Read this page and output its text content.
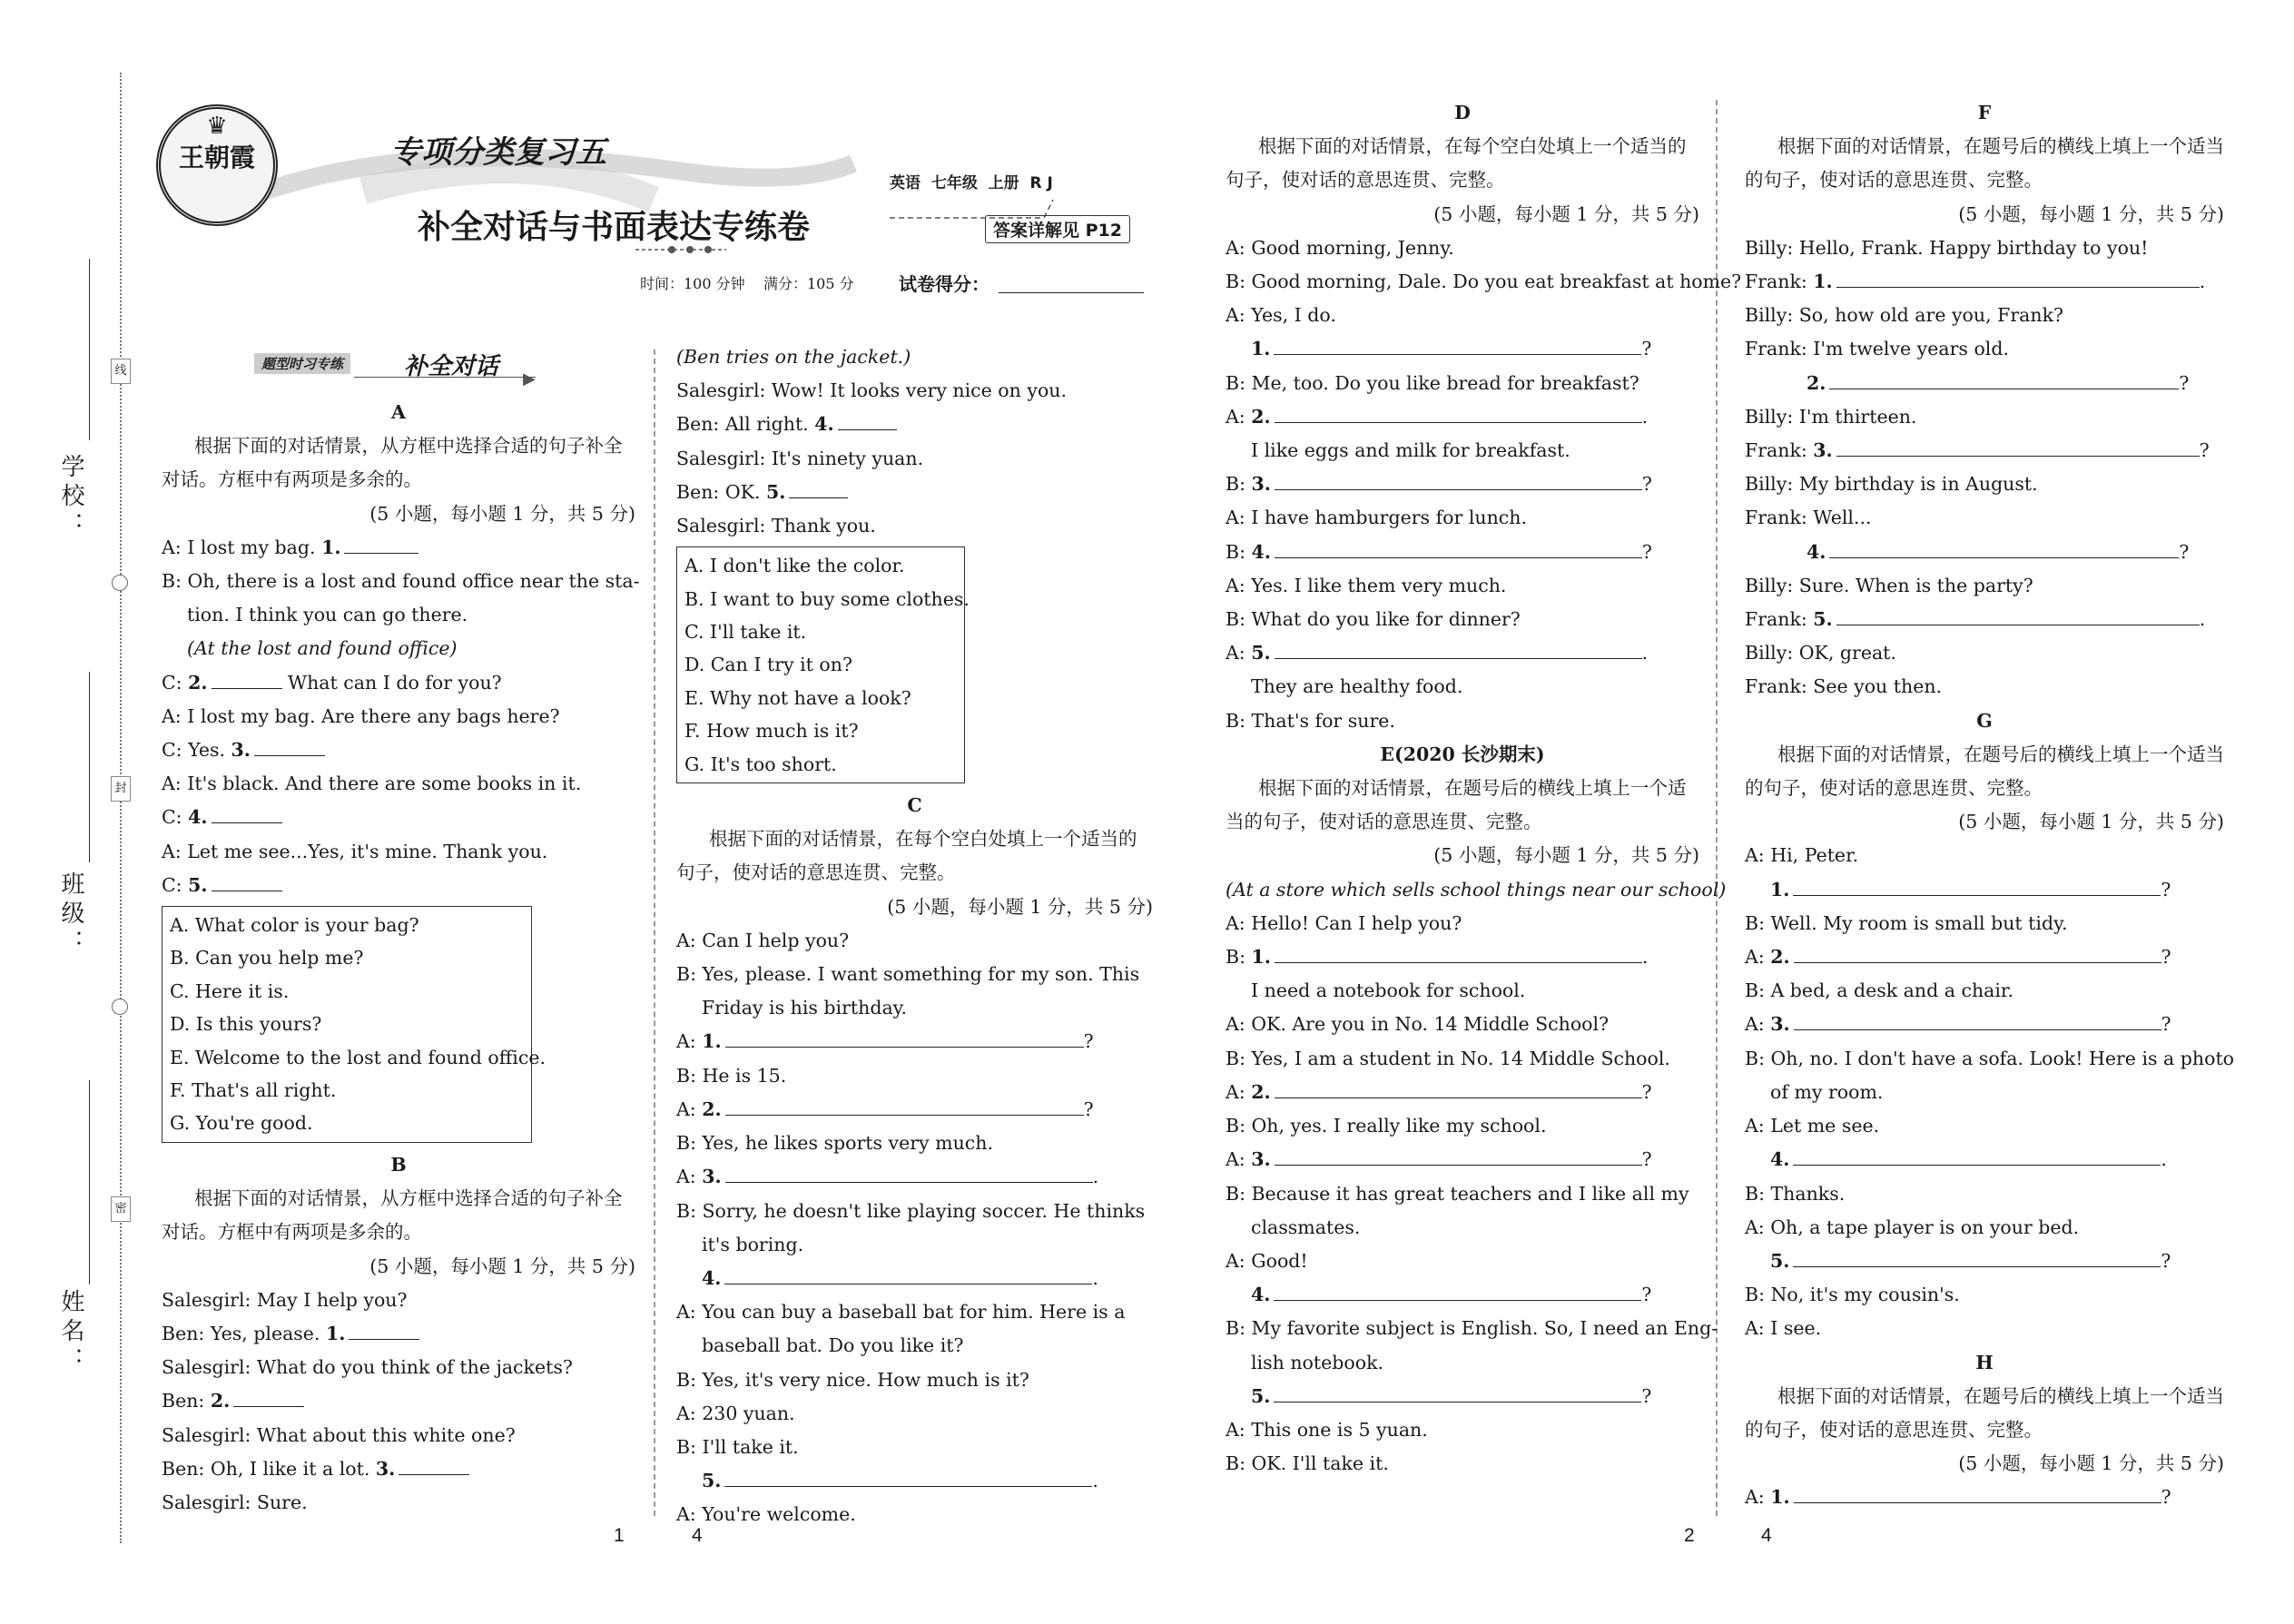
学校：
班级：
姓名：
线
封
密
♛
王朝霞	专项分类复习五
补全对话与书面表达专练卷
英语  七年级  上册  R J
答案详解见 P12
时间：100 分钟    满分：105 分 试卷得分：
题型时习专练	补全对话 ▶

A

根据下面的对话情景，从方框中选择合适的句子补全对话。方框中有两项是多余的。

(5 小题，每小题 1 分，共 5 分)

A: I lost my bag. 1.

B: Oh, there is a lost and found office near the sta-

tion. I think you can go there.

(At the lost and found office)

C: 2.	What can I do for you?

A: I lost my bag. Are there any bags here?

C: Yes. 3.

A: It's black. And there are some books in it.

C: 4.

A: Let me see...Yes, it's mine. Thank you.

C: 5.

A. What color is your bag?

B. Can you help me?

C. Here it is.

D. Is this yours?

E. Welcome to the lost and found office.

F. That's all right.

G. You're good.

B

根据下面的对话情景，从方框中选择合适的句子补全对话。方框中有两项是多余的。

(5 小题，每小题 1 分，共 5 分)

Salesgirl: May I help you?

Ben: Yes, please. 1.

Salesgirl: What do you think of the jackets?

Ben: 2.

Salesgirl: What about this white one?

Ben: Oh, I like it a lot. 3.

Salesgirl: Sure.

(Ben tries on the jacket.)

Salesgirl: Wow! It looks very nice on you.

Ben: All right. 4.

Salesgirl: It's ninety yuan.

Ben: OK. 5.

Salesgirl: Thank you.

A. I don't like the color.

B. I want to buy some clothes.

C. I'll take it.

D. Can I try it on?

E. Why not have a look?

F. How much is it?

G. It's too short.

C

根据下面的对话情景，在每个空白处填上一个适当的句子，使对话的意思连贯、完整。

(5 小题，每小题 1 分，共 5 分)

A: Can I help you?

B: Yes, please. I want something for my son. This

Friday is his birthday.

A: 1.	?

B: He is 15.

A: 2.	?

B: Yes, he likes sports very much.

A: 3.	.

B: Sorry, he doesn't like playing soccer. He thinks

it's boring.

4.	.

A: You can buy a baseball bat for him. Here is a

baseball bat. Do you like it?

B: Yes, it's very nice. How much is it?

A: 230 yuan.

B: I'll take it.

5.	.

A: You're welcome.

D

根据下面的对话情景，在每个空白处填上一个适当的句子，使对话的意思连贯、完整。

(5 小题，每小题 1 分，共 5 分)

A: Good morning, Jenny.

B: Good morning, Dale. Do you eat breakfast at home?

A: Yes, I do.

1.	?

B: Me, too. Do you like bread for breakfast?

A: 2.	.

I like eggs and milk for breakfast.

B: 3.	?

A: I have hamburgers for lunch.

B: 4.	?

A: Yes. I like them very much.

B: What do you like for dinner?

A: 5.	.

They are healthy food.

B: That's for sure.

E(2020 长沙期末)

根据下面的对话情景，在题号后的横线上填上一个适当的句子，使对话的意思连贯、完整。

(5 小题，每小题 1 分，共 5 分)

(At a store which sells school things near our school)

A: Hello! Can I help you?

B: 1.	.

I need a notebook for school.

A: OK. Are you in No. 14 Middle School?

B: Yes, I am a student in No. 14 Middle School.

A: 2.	?

B: Oh, yes. I really like my school.

A: 3.	?

B: Because it has great teachers and I like all my

classmates.

A: Good!

4.	?

B: My favorite subject is English. So, I need an Eng-

lish notebook.

5.	?

A: This one is 5 yuan.

B: OK. I'll take it.

F

根据下面的对话情景，在题号后的横线上填上一个适当的句子，使对话的意思连贯、完整。

(5 小题，每小题 1 分，共 5 分)

Billy: Hello, Frank. Happy birthday to you!

Frank: 1.	.

Billy: So, how old are you, Frank?

Frank: I'm twelve years old.

2.	?

Billy: I'm thirteen.

Frank: 3.	?

Billy: My birthday is in August.

Frank: Well...

4.	?

Billy: Sure. When is the party?

Frank: 5.	.

Billy: OK, great.

Frank: See you then.

G

根据下面的对话情景，在题号后的横线上填上一个适当的句子，使对话的意思连贯、完整。

(5 小题，每小题 1 分，共 5 分)

A: Hi, Peter.

1.	?

B: Well. My room is small but tidy.

A: 2.	?

B: A bed, a desk and a chair.

A: 3.	?

B: Oh, no. I don't have a sofa. Look! Here is a photo

of my room.

A: Let me see.

4.	.

B: Thanks.

A: Oh, a tape player is on your bed.

5.	?

B: No, it's my cousin's.

A: I see.

H

根据下面的对话情景，在题号后的横线上填上一个适当的句子，使对话的意思连贯、完整。

(5 小题，每小题 1 分，共 5 分)

A: 1.	?

1	4	2	4
